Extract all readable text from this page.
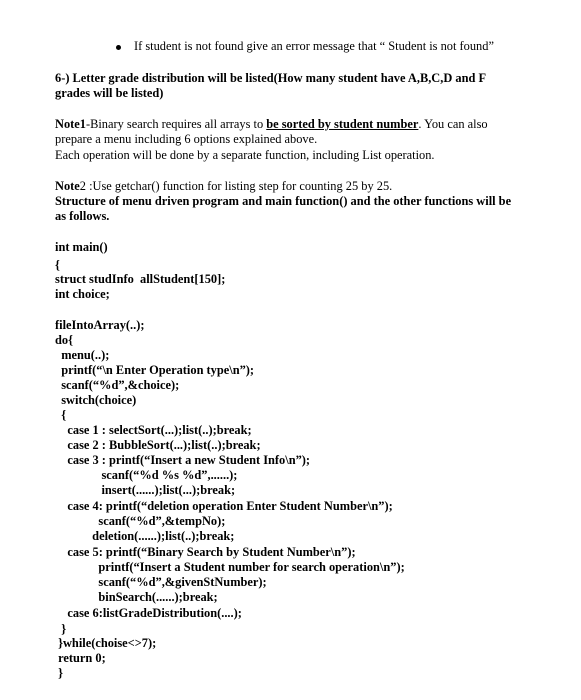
If student is not found give an error message that “ Student is not found”
6-) Letter grade distribution will be listed(How many student have A,B,C,D and F
grades will be listed)
Note1-Binary search requires all arrays to be sorted by student number. You can also
prepare a menu including 6 options explained above.
Each operation will be done by a separate function, including List operation.
Note2 :Use getchar() function for listing step for counting 25 by 25.
Structure of menu driven program and main function() and the other functions will be
as follows.
int main()
{
struct studInfo  allStudent[150];
int choice;
fileIntoArray(..);
do{
menu(..);
printf(“\n Enter Operation type\n”);
scanf(“%d”,&choice);
switch(choice)
{
case 1 : selectSort(...);list(..);break;
case 2 : BubbleSort(...);list(..);break;
case 3 : printf(“Insert a new Student Info\n”);
scanf(“%d %s %d”,......);
insert(......);list(...);break;
case 4: printf(“deletion operation Enter Student Number\n”);
scanf(“%d”,&tempNo);
deletion(......);list(..);break;
case 5: printf(“Binary Search by Student Number\n”);
printf(“Insert a Student number for search operation\n”);
scanf(“%d”,&givenStNumber);
binSearch(......);break;
case 6:listGradeDistribution(....);
}
}while(choise<>7);
return 0;
}
